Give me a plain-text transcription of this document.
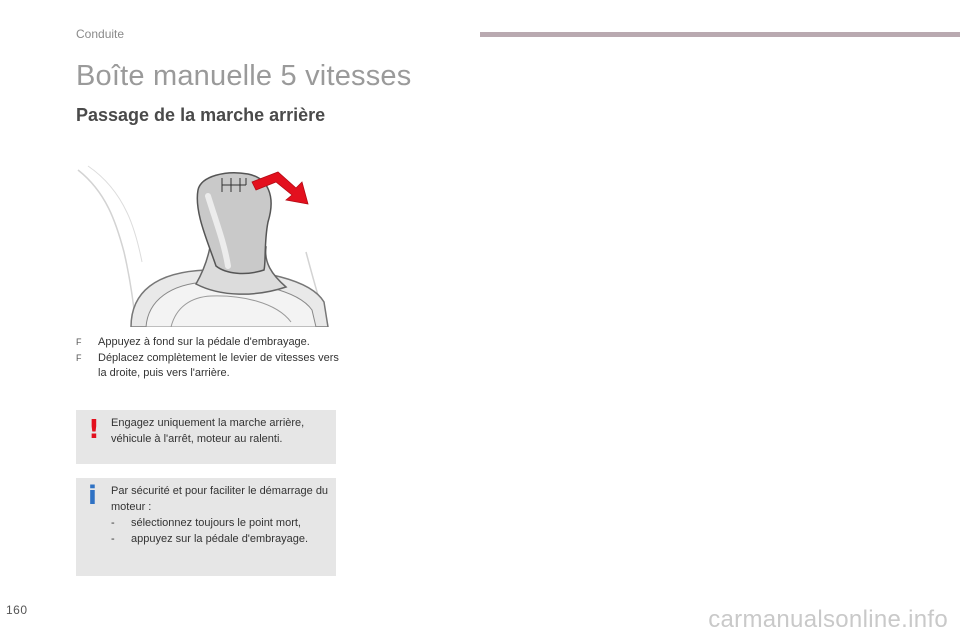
Conduite
Boîte manuelle 5 vitesses
Passage de la marche arrière
F	Appuyez à fond sur la pédale d'embrayage.
F	Déplacez complètement le levier de vitesses vers la droite, puis vers l'arrière.
! Engagez uniquement la marche arrière, véhicule à l'arrêt, moteur au ralenti.
i Par sécurité et pour faciliter le démarrage du moteur :
-	sélectionnez toujours le point mort,
-	appuyez sur la pédale d'embrayage.
160	carmanualsonline.info
